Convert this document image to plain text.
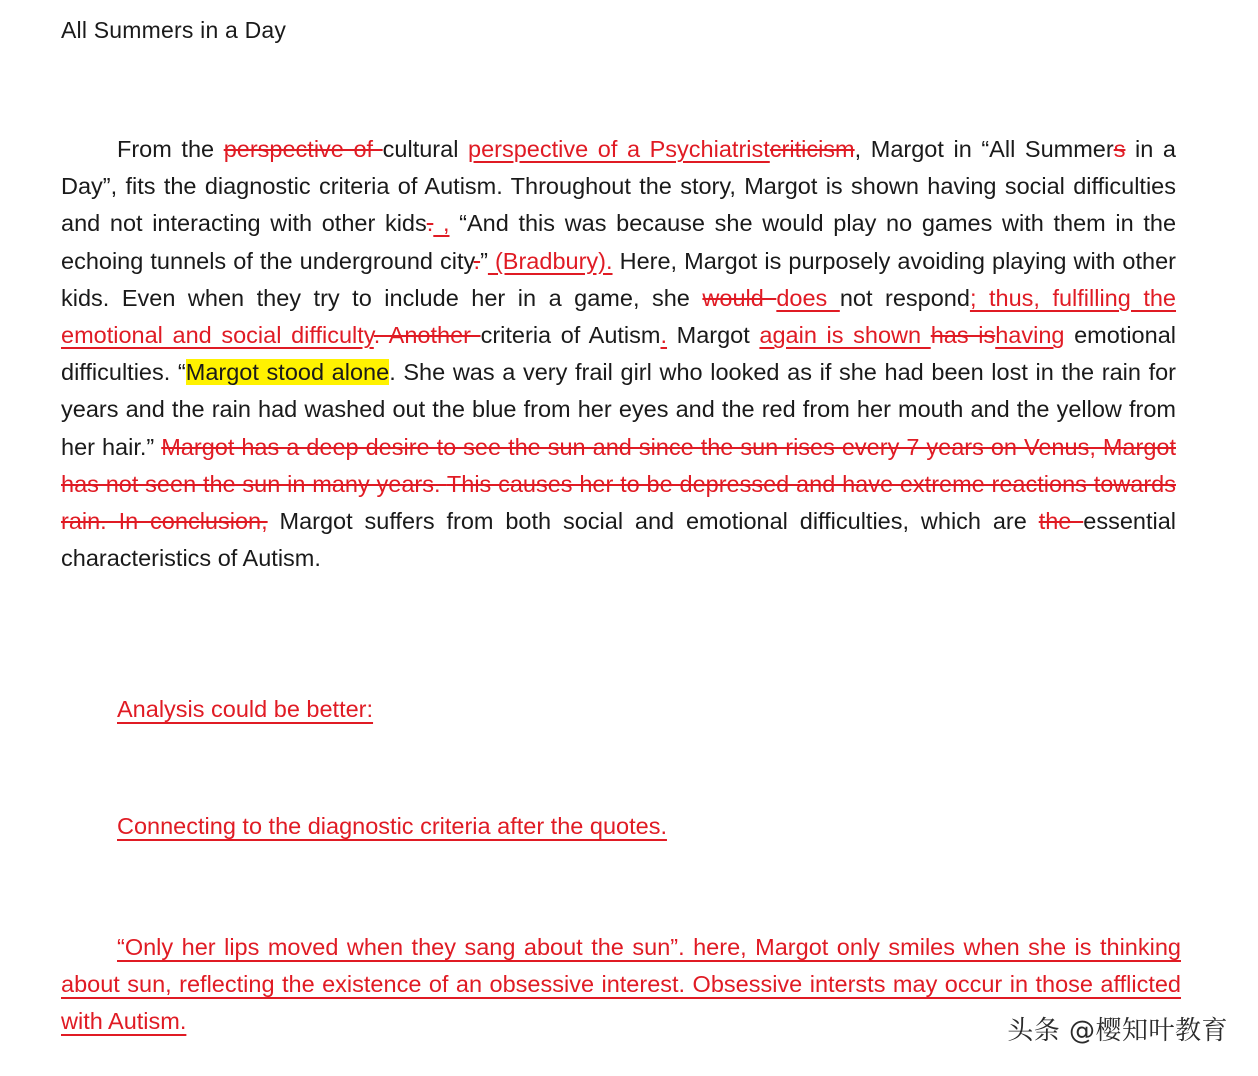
All Summers in a Day
From the perspective of cultural perspective of a Psychiatristcriticism, Margot in “All Summers in a Day”, fits the diagnostic criteria of Autism. Throughout the story, Margot is shown having social difficulties and not interacting with other kids. , “And this was because she would play no games with them in the echoing tunnels of the underground city.” (Bradbury). Here, Margot is purposely avoiding playing with other kids. Even when they try to include her in a game, she would does not respond; thus, fulfilling the emotional and social difficulty. Another criteria of Autism. Margot again is shown has ishaving emotional difficulties. “Margot stood alone. She was a very frail girl who looked as if she had been lost in the rain for years and the rain had washed out the blue from her eyes and the red from her mouth and the yellow from her hair.” Margot has a deep desire to see the sun and since the sun rises every 7 years on Venus, Margot has not seen the sun in many years. This causes her to be depressed and have extreme reactions towards rain. In conclusion, Margot suffers from both social and emotional difficulties, which are the essential characteristics of Autism.
Analysis could be better:
Connecting to the diagnostic criteria after the quotes.
“Only her lips moved when they sang about the sun”. here, Margot only smiles when she is thinking about sun, reflecting the existence of an obsessive interest. Obsessive intersts may occur in those afflicted with Autism.	头条 @樱知叶教育
